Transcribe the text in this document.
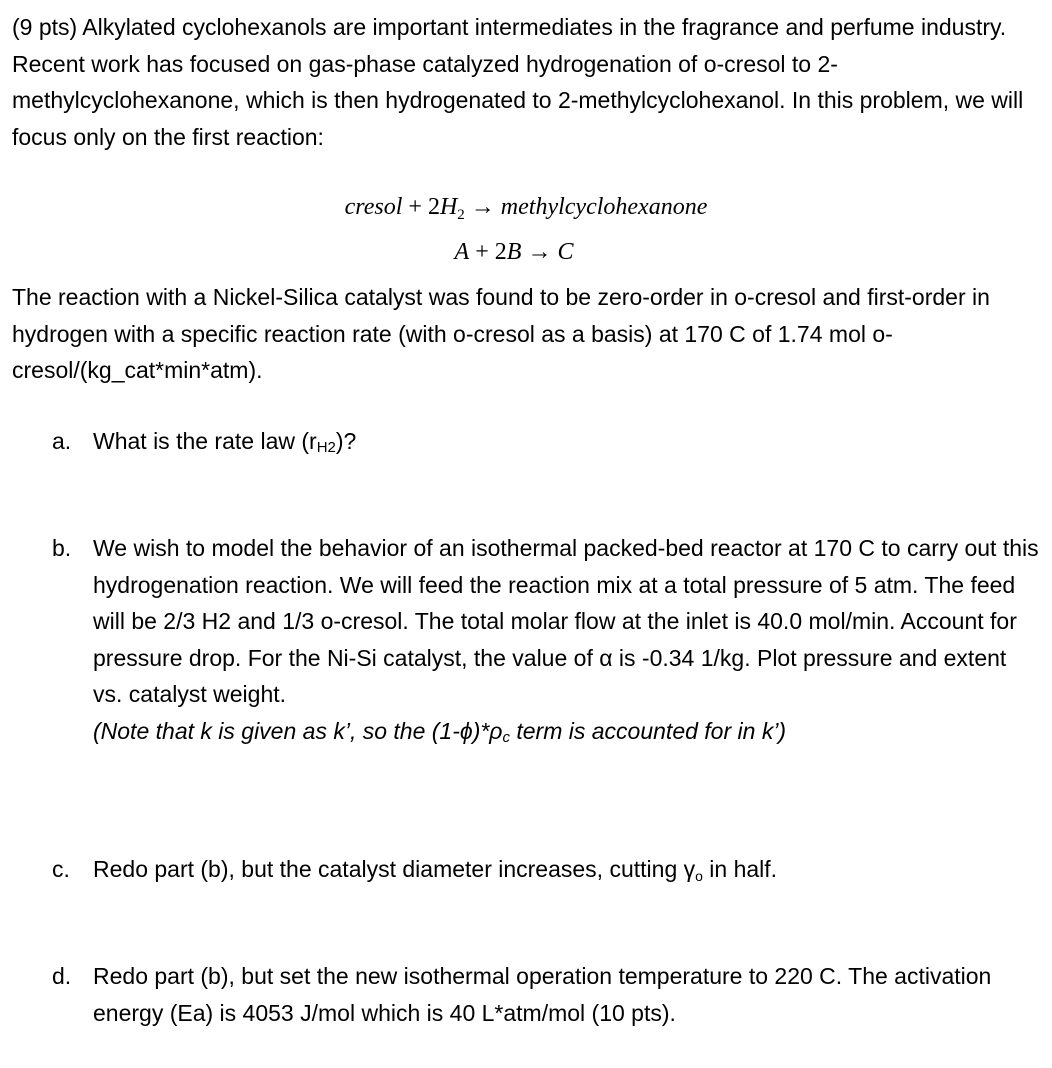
(9 pts) Alkylated cyclohexanols are important intermediates in the fragrance and perfume industry. Recent work has focused on gas-phase catalyzed hydrogenation of o-cresol to 2-methylcyclohexanone, which is then hydrogenated to 2-methylcyclohexanol. In this problem, we will focus only on the first reaction:

cresol + $2H_2$ → methylcyclohexanone

A + 2B → C

The reaction with a Nickel-Silica catalyst was found to be zero-order in o-cresol and first-order in hydrogen with a specific reaction rate (with o-cresol as a basis) at 170 C of 1.74 mol o-cresol/(kg_cat*min*atm).

a. What is the rate law (rH2)?
b. We wish to model the behavior of an isothermal packed-bed reactor at 170 C to carry out this hydrogenation reaction. We will feed the reaction mix at a total pressure of 5 atm. The feed will be 2/3 H2 and 1/3 o-cresol. The total molar flow at the inlet is 40.0 mol/min. Account for pressure drop. For the Ni-Si catalyst, the value of α is -0.34 1/kg. Plot pressure and extent vs. catalyst weight.
(Note that k is given as k’, so the (1-ϕ)*ρc term is accounted for in k’)
c.	Redo part (b), but the catalyst diameter increases, cutting γo in half.
d. Redo part (b), but set the new isothermal operation temperature to 220 C. The activation energy (Ea) is 4053 J/mol which is 40 L*atm/mol (10 pts).
